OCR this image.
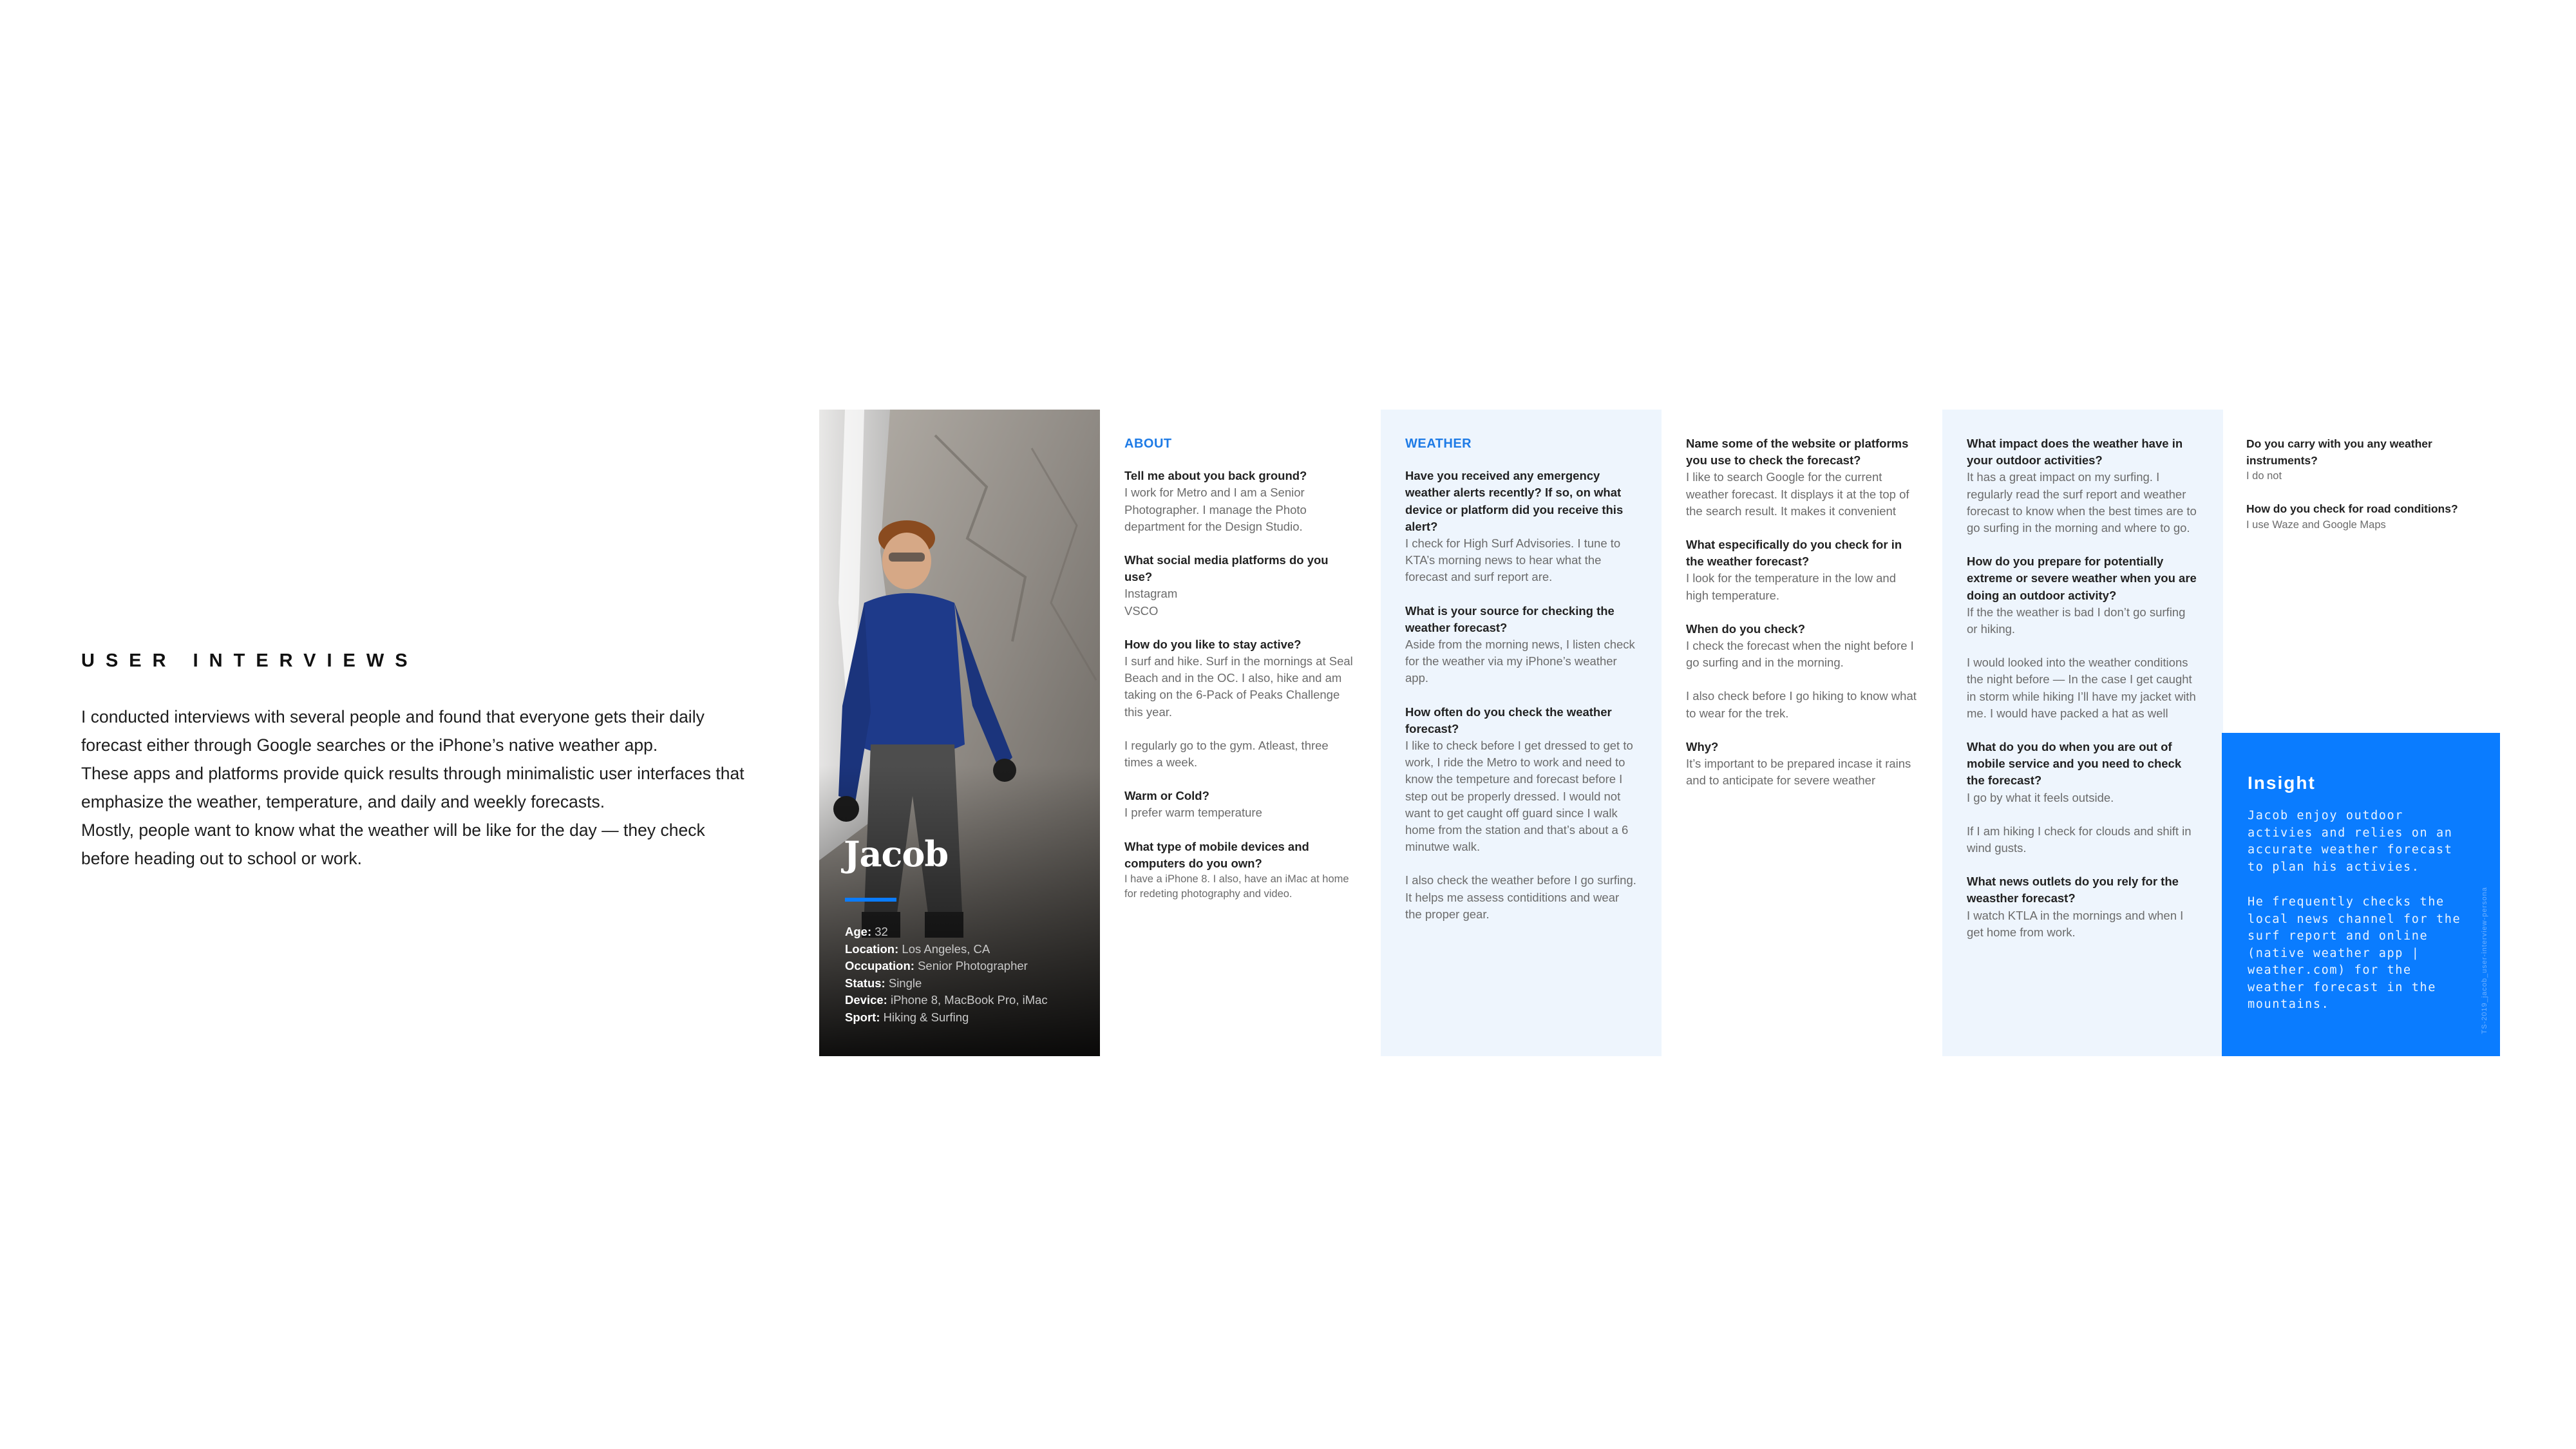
USER INTERVIEWS

I conducted interviews with several people and found that everyone gets their daily forecast either through Google searches or the iPhone’s native weather app.

These apps and platforms provide quick results through minimalistic user interfaces that emphasize the weather, temperature, and daily and weekly forecasts.

Mostly, people want to know what the weather will be like for the day — they check before heading out to school or work.	Jacob
Age: 32
Location: Los Angeles, CA
Occupation: Senior Photographer
Status: Single
Device: iPhone 8, MacBook Pro, iMac
Sport: Hiking & Surfing
ABOUT
Tell me about you back ground?
I work for Metro and I am a Senior Photographer. I manage the Photo department for the Design Studio.
What social media platforms do you use?
Instagram
VSCO
How do you like to stay active?
I surf and hike. Surf in the mornings at Seal Beach and in the OC. I also, hike and am taking on the 6-Pack of Peaks Challenge this year.
I regularly go to the gym. Atleast, three times a week.
Warm or Cold?
I prefer warm temperature
What type of mobile devices and computers do you own?
I have a iPhone 8. I also, have an iMac at home for redeting photography and video.
WEATHER
Have you received any emergency weather alerts recently? If so, on what device or platform did you receive this alert?
I check for High Surf Advisories. I tune to KTA’s morning news to hear what the forecast and surf report are.
What is your source for checking the weather forecast?
Aside from the morning news, I listen check for the weather via my iPhone’s weather app.
How often do you check the weather forecast?
I like to check before I get dressed to get to work, I ride the Metro to work and need to know the tempeture and forecast before I step out be properly dressed. I would not want to get caught off guard since I walk home from the station and that’s about a 6 minutwe walk.
I also check the weather before I go surfing. It helps me assess contiditions and wear the proper gear.
Name some of the website or platforms you use to check the forecast?
I like to search Google for the current weather forecast. It displays it at the top of the search result. It makes it convenient
What especifically do you check for in the weather forecast?
I look for the temperature in the low and high temperature.
When do you check?
I check the forecast when the night before I go surfing and in the morning.
I also check before I go hiking to know what to wear for the trek.
Why?
It’s important to be prepared incase it rains and to anticipate for severe weather
What impact does the weather have in your outdoor activities?
It has a great impact on my surfing. I regularly read the surf report and weather forecast to know when the best times are to go surfing in the morning and where to go.
How do you prepare for potentially extreme or severe weather when you are doing an outdoor activity?
If the the weather is bad I don’t go surfing or hiking.
I would looked into the weather conditions the night before — In the case I get caught in storm while hiking I’ll have my jacket with me. I would have packed a hat as well
What do you do when you are out of mobile service and you need to check the forecast?
I go by what it feels outside.
If I am hiking I check for clouds and shift in wind gusts.
What news outlets do you rely for the weasther forecast?
I watch KTLA in the mornings and when I get home from work.
Do you carry with you any weather instruments?
I do not
How do you check for road conditions?
I use Waze and Google Maps
Insight
Jacob enjoy outdoor activies and relies on an accurate weather forecast to plan his activies.
He frequently checks the local news channel for the surf report and online (native weather app | weather.com) for the weather forecast in the mountains.	TS-2019_jacob_user-interview-persona
